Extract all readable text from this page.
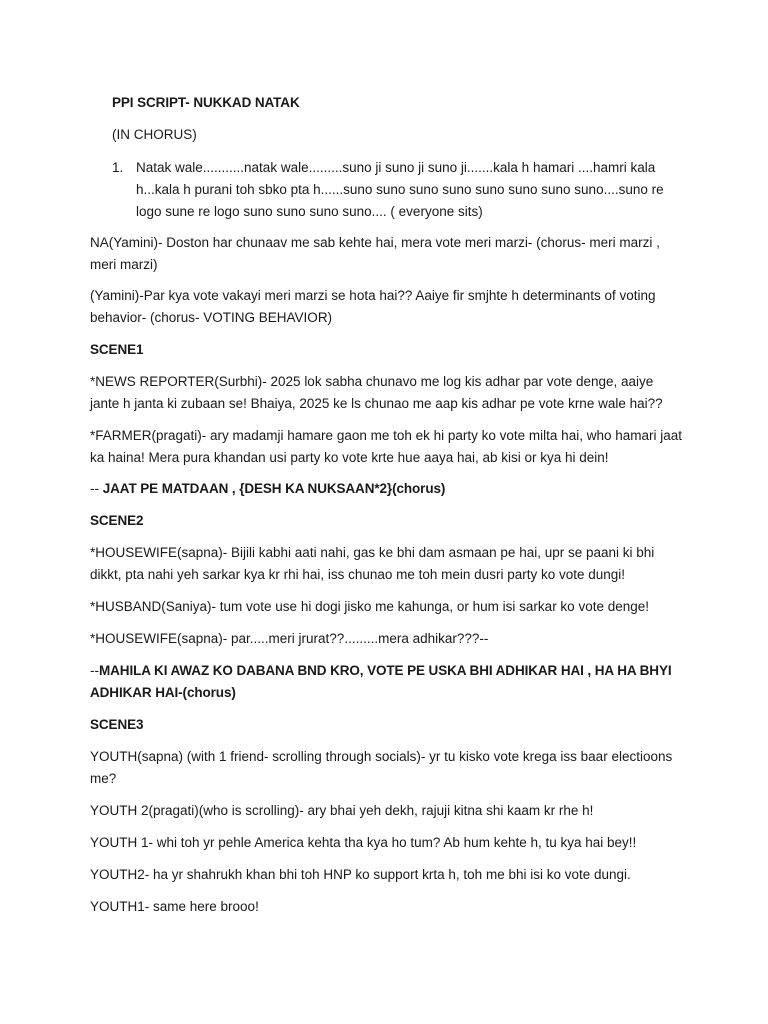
PPI SCRIPT- NUKKAD NATAK
(IN CHORUS)
1. Natak wale...........natak wale.........suno ji suno ji suno ji.......kala h hamari ....hamri kala h...kala h purani toh sbko pta h......suno suno suno suno suno suno suno suno....suno re logo sune re logo suno suno suno suno.... ( everyone sits)

NA(Yamini)- Doston har chunaav me sab kehte hai, mera vote meri marzi- (chorus- meri marzi , meri marzi)

(Yamini)-Par kya vote vakayi meri marzi se hota hai?? Aaiye fir smjhte h determinants of voting behavior- (chorus- VOTING BEHAVIOR)

SCENE1

*NEWS REPORTER(Surbhi)- 2025 lok sabha chunavo me log kis adhar par vote denge, aaiye jante h janta ki zubaan se! Bhaiya, 2025 ke ls chunao me aap kis adhar pe vote krne wale hai??

*FARMER(pragati)- ary madamji hamare gaon me toh ek hi party ko vote milta hai, who hamari jaat ka haina! Mera pura khandan usi party ko vote krte hue aaya hai, ab kisi or kya hi dein!

-- JAAT PE MATDAAN , {DESH KA NUKSAAN*2}(chorus)
SCENE2

*HOUSEWIFE(sapna)- Bijili kabhi aati nahi, gas ke bhi dam asmaan pe hai, upr se paani ki bhi dikkt, pta nahi yeh sarkar kya kr rhi hai, iss chunao me toh mein dusri party ko vote dungi!

*HUSBAND(Saniya)- tum vote use hi dogi jisko me kahunga, or hum isi sarkar ko vote denge!

*HOUSEWIFE(sapna)- par.....meri jrurat??.........mera adhikar???--

--MAHILA KI AWAZ KO DABANA BND KRO, VOTE PE USKA BHI ADHIKAR HAI , HA HA BHYI ADHIKAR HAI-(chorus)
SCENE3

YOUTH(sapna) (with 1 friend- scrolling through socials)- yr tu kisko vote krega iss baar electioons me?

YOUTH 2(pragati)(who is scrolling)- ary bhai yeh dekh, rajuji kitna shi kaam kr rhe h!

YOUTH 1- whi toh yr pehle America kehta tha kya ho tum? Ab hum kehte h, tu kya hai bey!!

YOUTH2- ha yr shahrukh khan bhi toh HNP ko support krta h, toh me bhi isi ko vote dungi.

YOUTH1- same here brooo!
